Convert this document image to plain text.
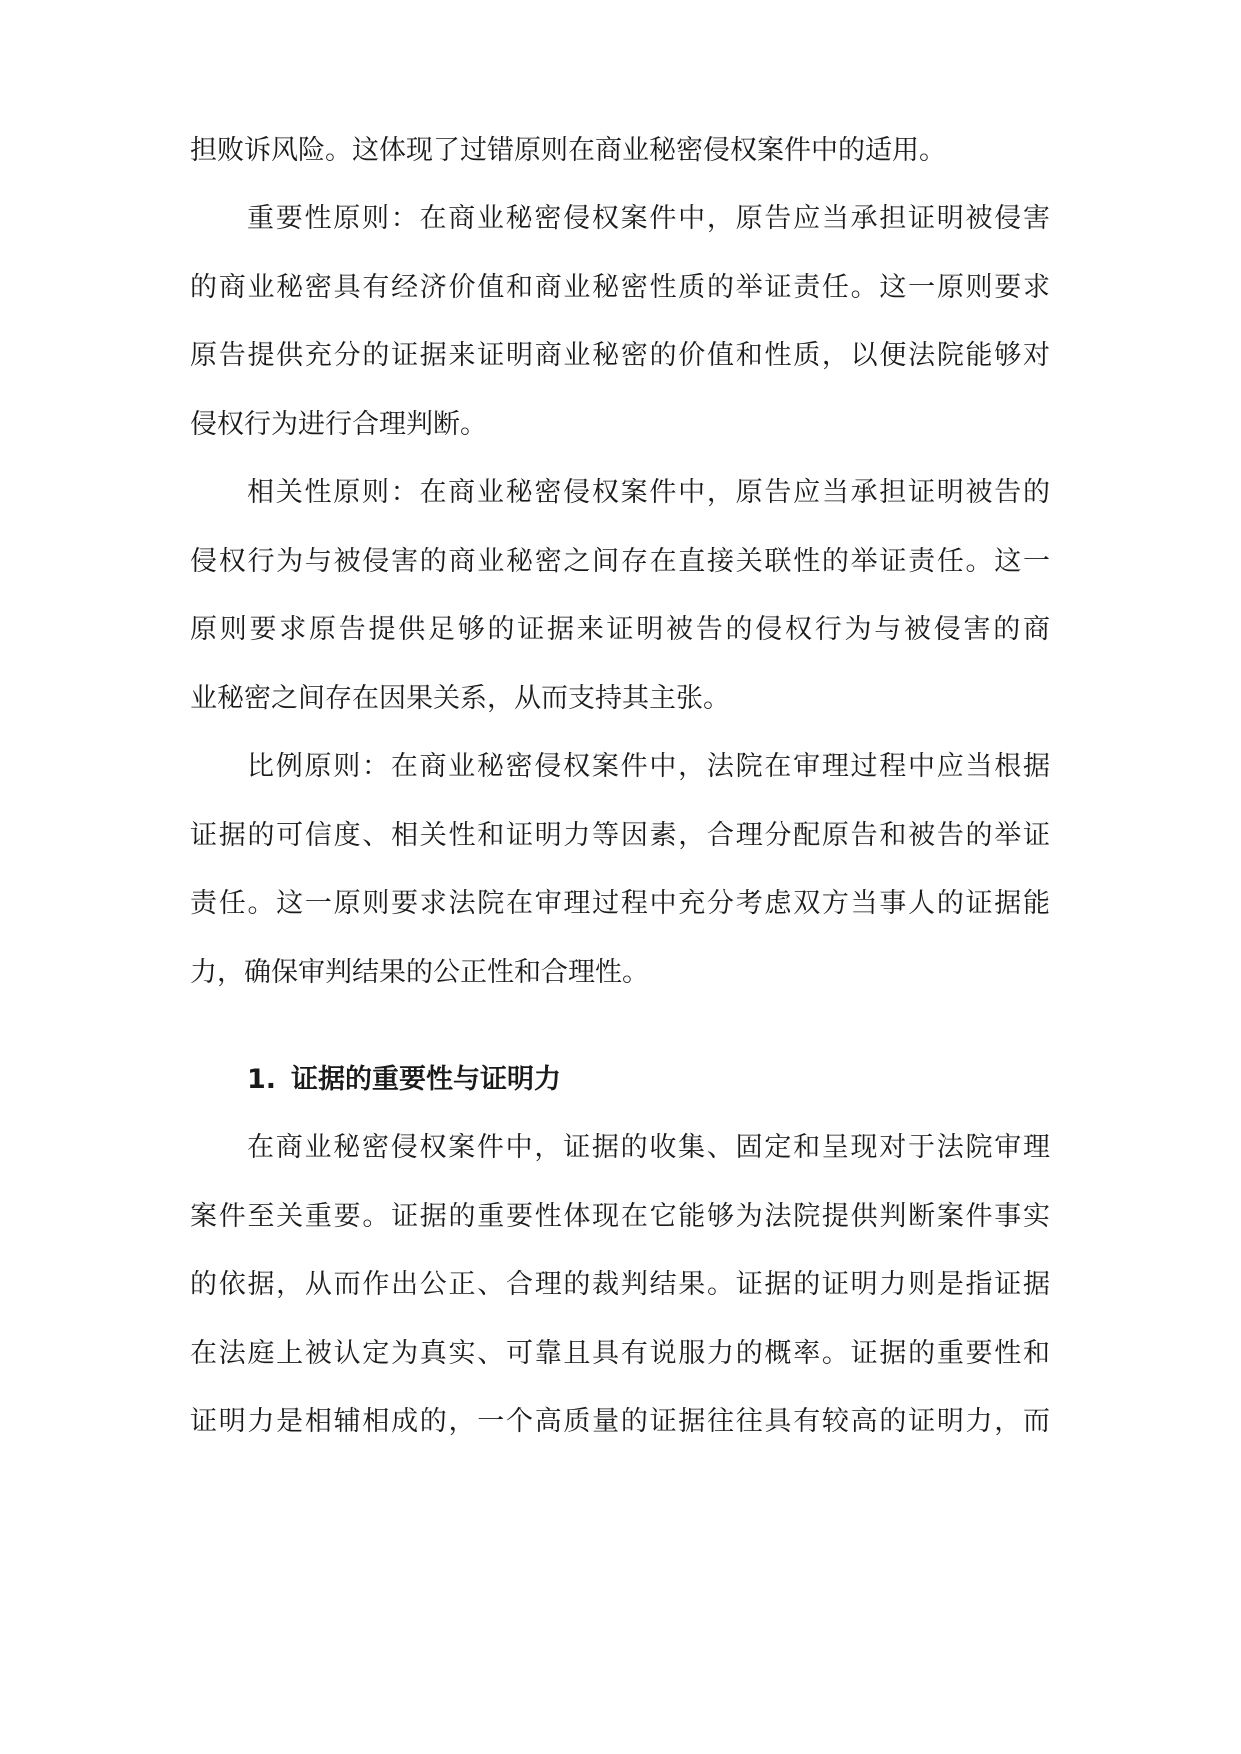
担败诉风险。这体现了过错原则在商业秘密侵权案件中的适用。
重要性原则：在商业秘密侵权案件中，原告应当承担证明被侵害
的商业秘密具有经济价值和商业秘密性质的举证责任。这一原则要求
原告提供充分的证据来证明商业秘密的价值和性质，以便法院能够对
侵权行为进行合理判断。
相关性原则：在商业秘密侵权案件中，原告应当承担证明被告的
侵权行为与被侵害的商业秘密之间存在直接关联性的举证责任。这一
原则要求原告提供足够的证据来证明被告的侵权行为与被侵害的商
业秘密之间存在因果关系，从而支持其主张。
比例原则：在商业秘密侵权案件中，法院在审理过程中应当根据
证据的可信度、相关性和证明力等因素，合理分配原告和被告的举证
责任。这一原则要求法院在审理过程中充分考虑双方当事人的证据能
力，确保审判结果的公正性和合理性。
1. 证据的重要性与证明力
在商业秘密侵权案件中，证据的收集、固定和呈现对于法院审理
案件至关重要。证据的重要性体现在它能够为法院提供判断案件事实
的依据，从而作出公正、合理的裁判结果。证据的证明力则是指证据
在法庭上被认定为真实、可靠且具有说服力的概率。证据的重要性和
证明力是相辅相成的，一个高质量的证据往往具有较高的证明力，而
